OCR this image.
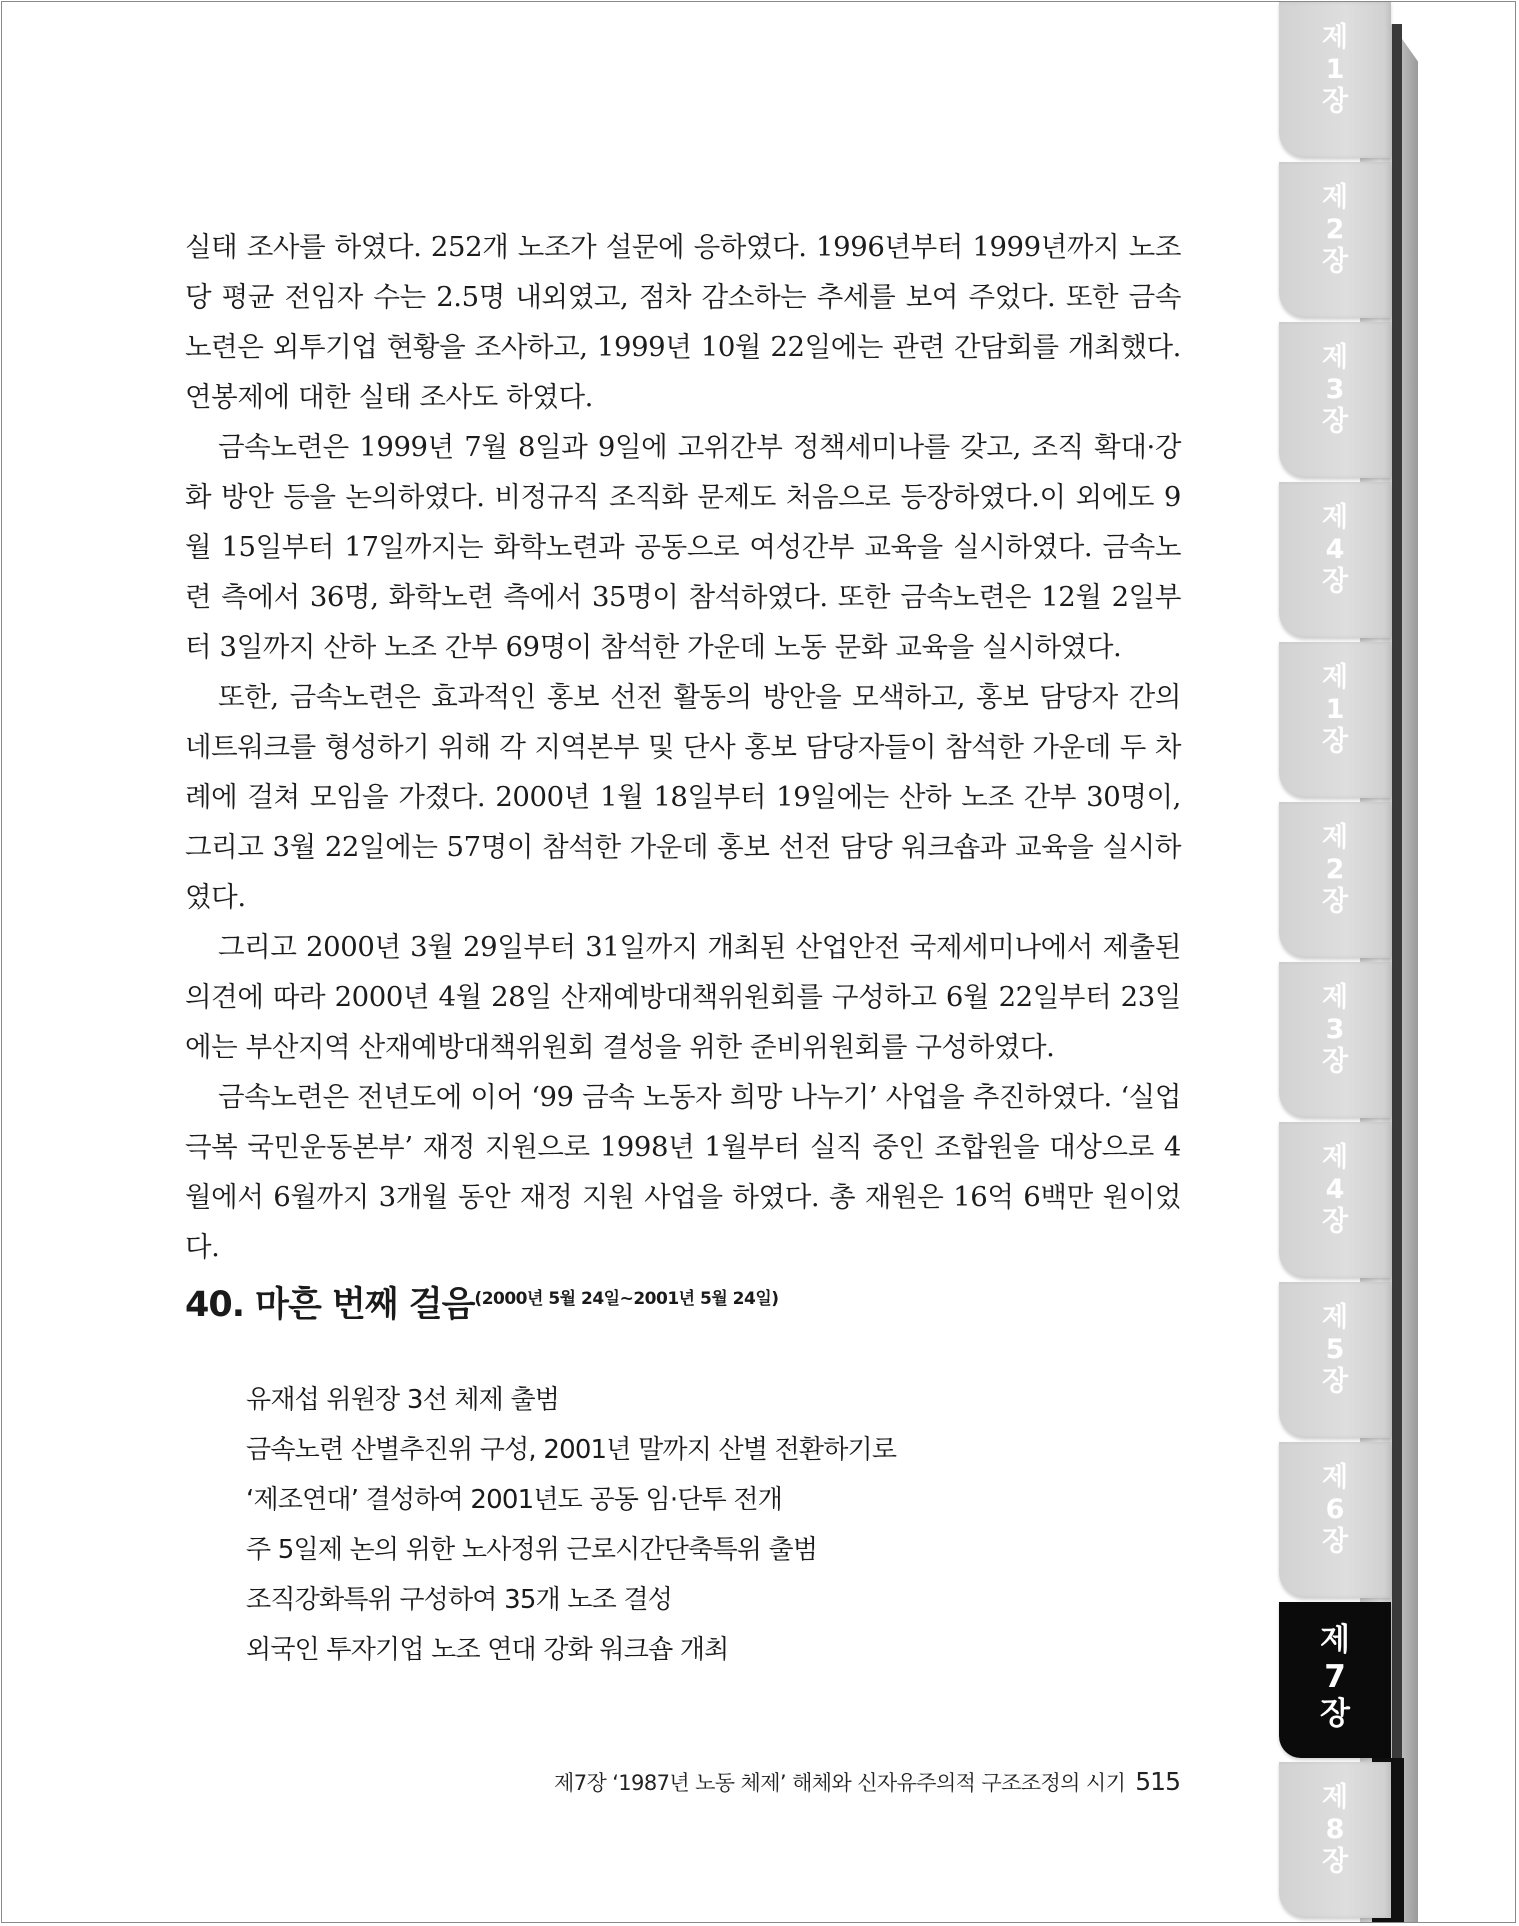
제
1
장
제
2
장
제
3
장
제
4
장
제
1
장
제
2
장
제
3
장
제
4
장
제
5
장
제
6
장
제
7
장
제
8
장

실태 조사를 하였다. 252개 노조가 설문에 응하였다. 1996년부터 1999년까지 노조당 평균 전임자 수는 2.5명 내외였고, 점차 감소하는 추세를 보여 주었다. 또한 금속노련은 외투기업 현황을 조사하고, 1999년 10월 22일에는 관련 간담회를 개최했다. 연봉제에 대한 실태 조사도 하였다.

금속노련은 1999년 7월 8일과 9일에 고위간부 정책세미나를 갖고, 조직 확대·강화 방안 등을 논의하였다. 비정규직 조직화 문제도 처음으로 등장하였다.이 외에도 9월 15일부터 17일까지는 화학노련과 공동으로 여성간부 교육을 실시하였다. 금속노련 측에서 36명, 화학노련 측에서 35명이 참석하였다. 또한 금속노련은 12월 2일부터 3일까지 산하 노조 간부 69명이 참석한 가운데 노동 문화 교육을 실시하였다.

또한, 금속노련은 효과적인 홍보 선전 활동의 방안을 모색하고, 홍보 담당자 간의 네트워크를 형성하기 위해 각 지역본부 및 단사 홍보 담당자들이 참석한 가운데 두 차례에 걸쳐 모임을 가졌다. 2000년 1월 18일부터 19일에는 산하 노조 간부 30명이, 그리고 3월 22일에는 57명이 참석한 가운데 홍보 선전 담당 워크숍과 교육을 실시하였다.

그리고 2000년 3월 29일부터 31일까지 개최된 산업안전 국제세미나에서 제출된 의견에 따라 2000년 4월 28일 산재예방대책위원회를 구성하고 6월 22일부터 23일에는 부산지역 산재예방대책위원회 결성을 위한 준비위원회를 구성하였다.

금속노련은 전년도에 이어 ‘99 금속 노동자 희망 나누기’ 사업을 추진하였다. ‘실업극복 국민운동본부’ 재정 지원으로 1998년 1월부터 실직 중인 조합원을 대상으로 4월에서 6월까지 3개월 동안 재정 지원 사업을 하였다. 총 재원은 16억 6백만 원이었다.

40. 마흔 번째 걸음(2000년 5월 24일~2001년 5월 24일)
유재섭 위원장 3선 체제 출범
금속노련 산별추진위 구성, 2001년 말까지 산별 전환하기로
‘제조연대’ 결성하여 2001년도 공동 임·단투 전개
주 5일제 논의 위한 노사정위 근로시간단축특위 출범
조직강화특위 구성하여 35개 노조 결성
외국인 투자기업 노조 연대 강화 워크숍 개최
제7장 ‘1987년 노동 체제’ 해체와 신자유주의적 구조조정의 시기 515
